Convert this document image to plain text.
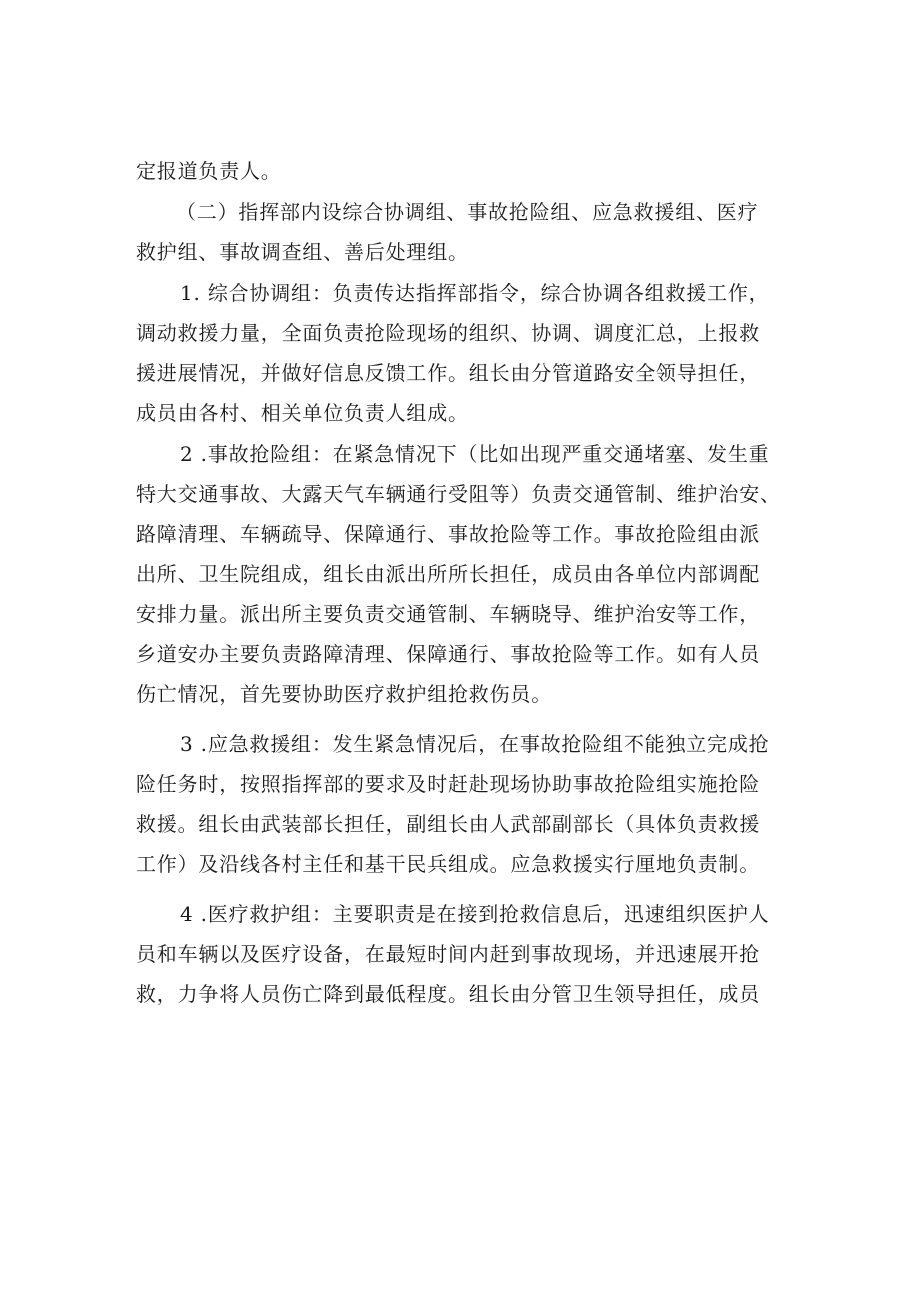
定报道负责人。
（二）指挥部内设综合协调组、事故抢险组、应急救援组、医疗
救护组、事故调查组、善后处理组。
1. 综合协调组：负责传达指挥部指令，综合协调各组救援工作，
调动救援力量，全面负责抢险现场的组织、协调、调度汇总，上报救
援进展情况，并做好信息反馈工作。组长由分管道路安全领导担任，
成员由各村、相关单位负责人组成。
2 .事故抢险组：在紧急情况下（比如出现严重交通堵塞、发生重
特大交通事故、大露天气车辆通行受阻等）负责交通管制、维护治安、
路障清理、车辆疏导、保障通行、事故抢险等工作。事故抢险组由派
出所、卫生院组成，组长由派出所所长担任，成员由各单位内部调配
安排力量。派出所主要负责交通管制、车辆晓导、维护治安等工作，
乡道安办主要负责路障清理、保障通行、事故抢险等工作。如有人员
伤亡情况，首先要协助医疗救护组抢救伤员。
3 .应急救援组：发生紧急情况后，在事故抢险组不能独立完成抢
险任务时，按照指挥部的要求及时赶赴现场协助事故抢险组实施抢险
救援。组长由武装部长担任，副组长由人武部副部长（具体负责救援
工作）及沿线各村主任和基干民兵组成。应急救援实行厘地负责制。
4 .医疗救护组：主要职责是在接到抢救信息后，迅速组织医护人
员和车辆以及医疗设备，在最短时间内赶到事故现场，并迅速展开抢
救，力争将人员伤亡降到最低程度。组长由分管卫生领导担任，成员
